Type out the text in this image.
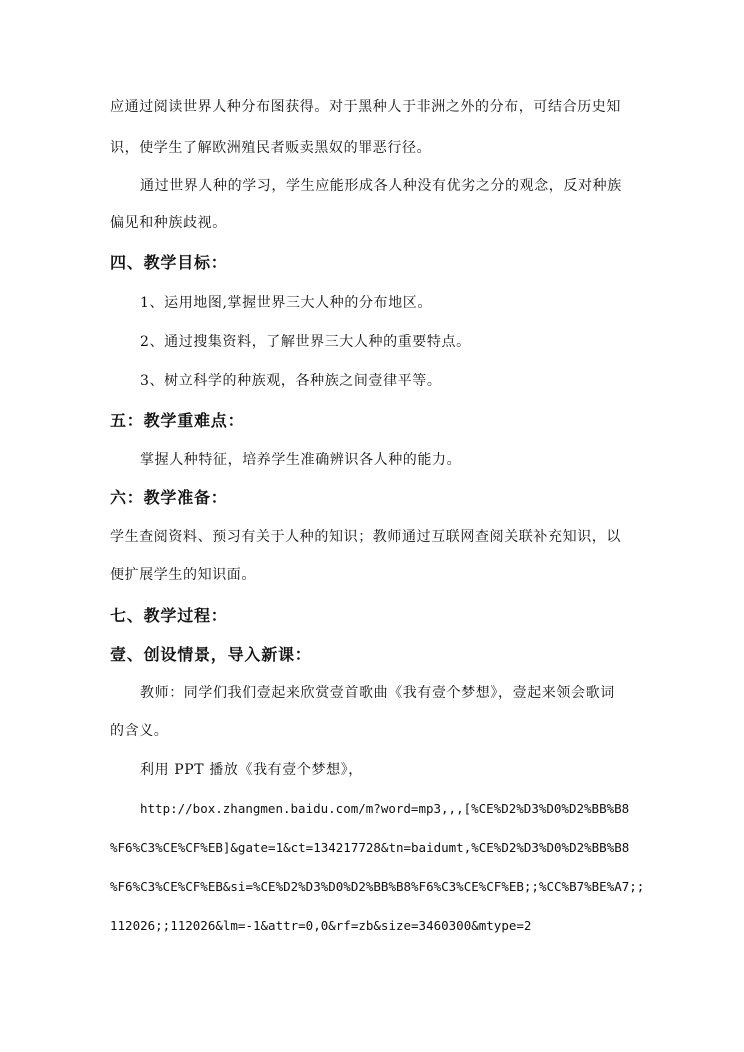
应通过阅读世界人种分布图获得。对于黑种人于非洲之外的分布，可结合历史知
识，使学生了解欧洲殖民者贩卖黑奴的罪恶行径。
通过世界人种的学习，学生应能形成各人种没有优劣之分的观念，反对种族
偏见和种族歧视。
四、教学目标：
1、运用地图,掌握世界三大人种的分布地区。
2、通过搜集资料，了解世界三大人种的重要特点。
3、树立科学的种族观，各种族之间壹律平等。
五：教学重难点：
掌握人种特征，培养学生准确辨识各人种的能力。
六：教学准备：
学生查阅资料、预习有关于人种的知识；教师通过互联网查阅关联补充知识，以
便扩展学生的知识面。
七、教学过程：
壹、创设情景，导入新课：
教师：同学们我们壹起来欣赏壹首歌曲《我有壹个梦想》，壹起来领会歌词
的含义。
利用 PPT 播放《我有壹个梦想》，
http://box.zhangmen.baidu.com/m?word=mp3,,,[%CE%D2%D3%D0%D2%BB%B8
%F6%C3%CE%CF%EB]&gate=1&ct=134217728&tn=baidumt,%CE%D2%D3%D0%D2%BB%B8
%F6%C3%CE%CF%EB&si=%CE%D2%D3%D0%D2%BB%B8%F6%C3%CE%CF%EB;;%CC%B7%BE%A7;;
112026;;112026&lm=-1&attr=0,0&rf=zb&size=3460300&mtype=2
